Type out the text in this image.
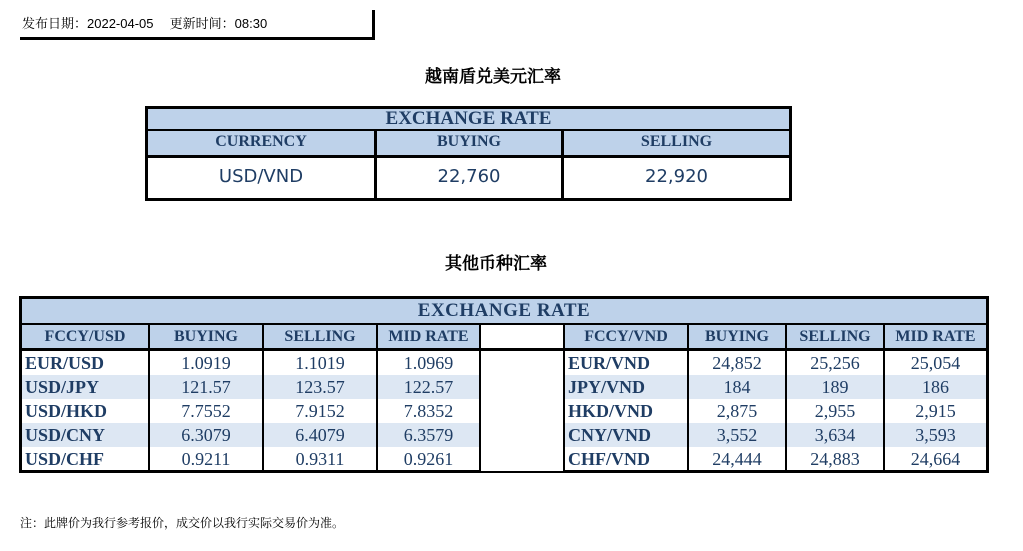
发布日期：2022-04-05 更新时间：08:30
越南盾兑美元汇率
EXCHANGE RATE
CURRENCY	BUYING	SELLING
USD/VND	22,760	22,920
其他币种汇率
EXCHANGE RATE
FCCY/USD	BUYING	SELLING	MID RATE		FCCY/VND	BUYING	SELLING	MID RATE
EUR/USD	1.0919	1.1019	1.0969		EUR/VND	24,852	25,256	25,054
USD/JPY	121.57	123.57	122.57		JPY/VND	184	189	186
USD/HKD	7.7552	7.9152	7.8352		HKD/VND	2,875	2,955	2,915
USD/CNY	6.3079	6.4079	6.3579		CNY/VND	3,552	3,634	3,593
USD/CHF	0.9211	0.9311	0.9261		CHF/VND	24,444	24,883	24,664
注：此牌价为我行参考报价，成交价以我行实际交易价为准。
